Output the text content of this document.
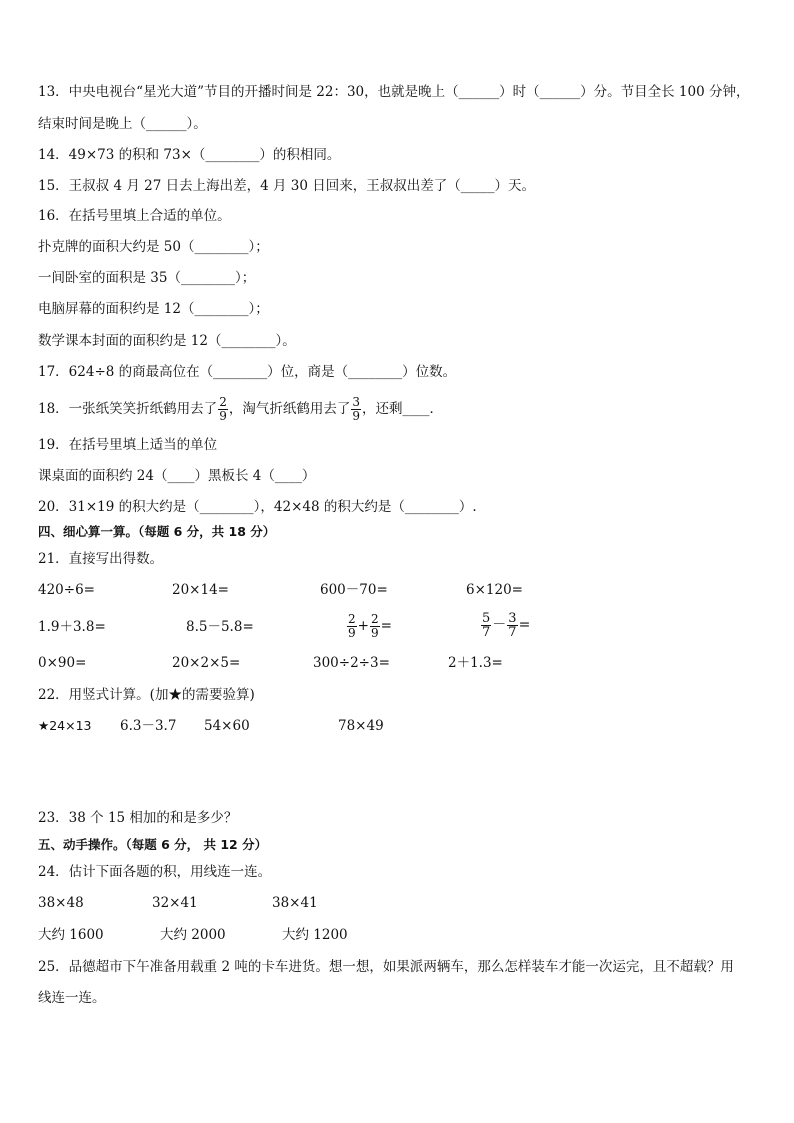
13．中央电视台“星光大道”节目的开播时间是 22：30，也就是晚上（______）时（______）分。节目全长 100 分钟，
结束时间是晚上（______）。
14．49×73 的积和 73×（________）的积相同。
15．王叔叔 4 月 27 日去上海出差，4 月 30 日回来，王叔叔出差了（_____）天。
16．在括号里填上合适的单位。
扑克牌的面积大约是 50（________）；
一间卧室的面积是 35（________）；
电脑屏幕的面积约是 12（________）；
数学课本封面的面积约是 12（________）。
17．624÷8 的商最高位在（________）位，商是（________）位数。
18．一张纸笑笑折纸鹤用去了 $\frac{2}{9}$ ，淘气折纸鹤用去了 $\frac{3}{9}$ ，还剩____．
19．在括号里填上适当的单位
课桌面的面积约 24（____）黑板长 4（____）
20．31×19 的积大约是（________），42×48 的积大约是（________）.
四、细心算一算。（每题 6 分，共 18 分）
21．直接写出得数。
420÷6=	20×14=	600－70=	6×120=
1.9＋3.8=	8.5－5.8=	$\frac{2}{9} + \frac{2}{9}$ =	$\frac{5}{7} - \frac{3}{7}$ =
0×90=	20×2×5=	300÷2÷3=	2＋1.3=
22．用竖式计算。(加★的需要验算)
★24×13 6.3－3.7 54×60	78×49
23．38 个 15 相加的和是多少？
五、动手操作。（每题 6 分， 共 12 分）
24．估计下面各题的积，用线连一连。
38×48	32×41	38×41
大约 1600	大约 2000	大约 1200
25．品德超市下午准备用载重 2 吨的卡车进货。想一想，如果派两辆车，那么怎样装车才能一次运完，且不超载？用
线连一连。
